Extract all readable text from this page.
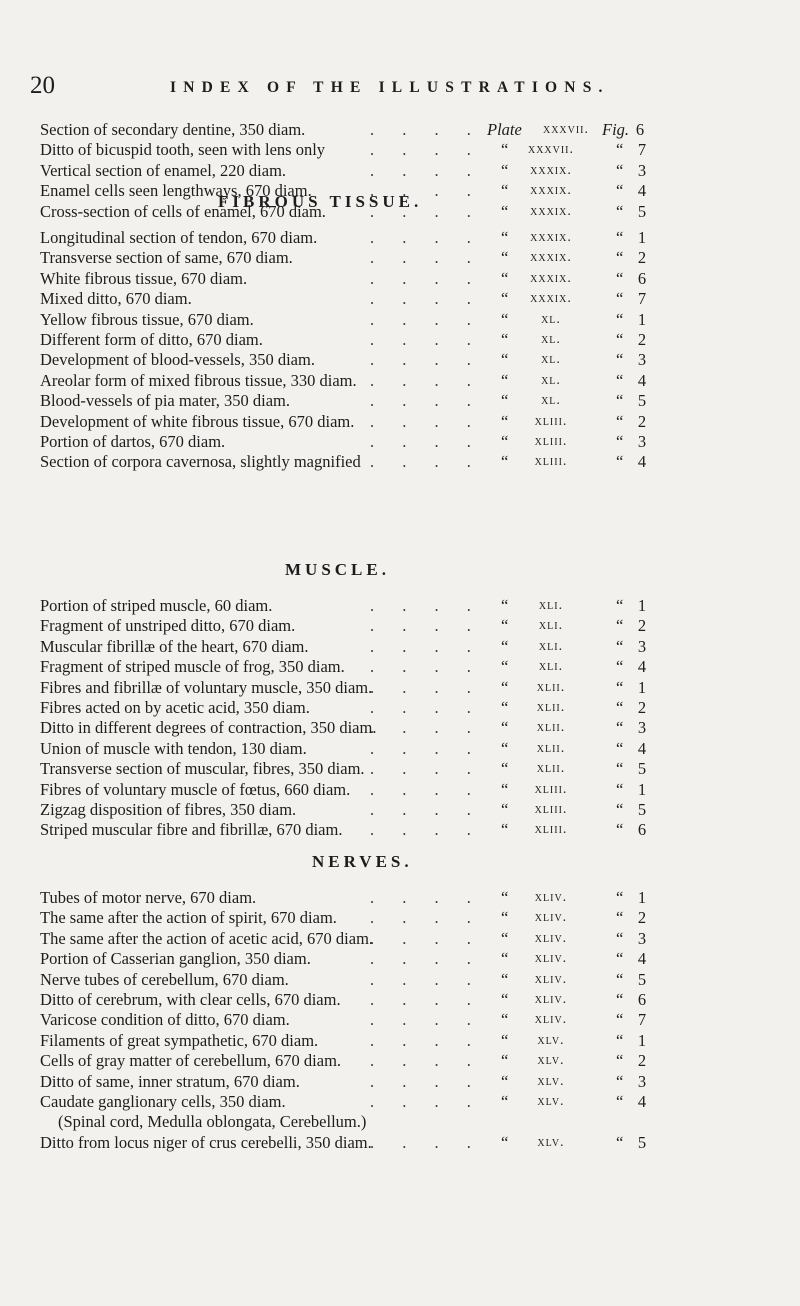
20	INDEX OF THE ILLUSTRATIONS.
Section of secondary dentine, 350 diam. . . .	Plate	xxxvii. Fig. 6
Ditto of bicuspid tooth, seen with lens only . . .	“	xxxvii.	“ 7
Vertical section of enamel, 220 diam. . . .	“	xxxix.	“ 3
Enamel cells seen lengthways, 670 diam. . . .	“	xxxix.	“ 4
Cross-section of cells of enamel, 670 diam. . . .	“	xxxix.	“ 5
FIBROUS TISSUE.
Longitudinal section of tendon, 670 diam. . . .	“	xxxix.	“ 1
Transverse section of same, 670 diam. . . .	“	xxxix.	“ 2
White fibrous tissue, 670 diam. . . .	“	xxxix.	“ 6
Mixed ditto, 670 diam. . . .	“	xxxix.	“ 7
Yellow fibrous tissue, 670 diam. . . .	“	xl.	“ 1
Different form of ditto, 670 diam. . . .	“	xl.	“ 2
Development of blood-vessels, 350 diam. . . .	“	xl.	“ 3
Areolar form of mixed fibrous tissue, 330 diam. . . .	“	xl.	“ 4
Blood-vessels of pia mater, 350 diam. . . .	“	xl.	“ 5
Development of white fibrous tissue, 670 diam. . . .	“	xliii.	“ 2
Portion of dartos, 670 diam. . . .	“	xliii.	“ 3
Section of corpora cavernosa, slightly magnified . . .	“	xliii.	“ 4
MUSCLE.
Portion of striped muscle, 60 diam. . . .	“	xli.	“ 1
Fragment of unstriped ditto, 670 diam. . . .	“	xli.	“ 2
Muscular fibrillæ of the heart, 670 diam. . . .	“	xli.	“ 3
Fragment of striped muscle of frog, 350 diam. . . .	“	xli.	“ 4
Fibres and fibrillæ of voluntary muscle, 350 diam. . . .	“	xlii.	“ 1
Fibres acted on by acetic acid, 350 diam. . . .	“	xlii.	“ 2
Ditto in different degrees of contraction, 350 diam. . . .	“	xlii.	“ 3
Union of muscle with tendon, 130 diam. . . .	“	xlii.	“ 4
Transverse section of muscular, fibres, 350 diam. . . .	“	xlii.	“ 5
Fibres of voluntary muscle of fœtus, 660 diam. . . .	“	xliii.	“ 1
Zigzag disposition of fibres, 350 diam. . . .	“	xliii.	“ 5
Striped muscular fibre and fibrillæ, 670 diam. . . .	“	xliii.	“ 6
NERVES.
Tubes of motor nerve, 670 diam. . . .	“	xliv.	“ 1
The same after the action of spirit, 670 diam. . . .	“	xliv.	“ 2
The same after the action of acetic acid, 670 diam. . . .	“	xliv.	“ 3
Portion of Casserian ganglion, 350 diam. . . .	“	xliv.	“ 4
Nerve tubes of cerebellum, 670 diam. . . .	“	xliv.	“ 5
Ditto of cerebrum, with clear cells, 670 diam. . . .	“	xliv.	“ 6
Varicose condition of ditto, 670 diam. . . .	“	xliv.	“ 7
Filaments of great sympathetic, 670 diam. . . .	“	xlv.	“ 1
Cells of gray matter of cerebellum, 670 diam. . . .	“	xlv.	“ 2
Ditto of same, inner stratum, 670 diam. . . .	“	xlv.	“ 3
Caudate ganglionary cells, 350 diam. . . .	“	xlv.	“ 4
(Spinal cord, Medulla oblongata, Cerebellum.)
Ditto from locus niger of crus cerebelli, 350 diam. . . .	“	xlv.	“ 5
